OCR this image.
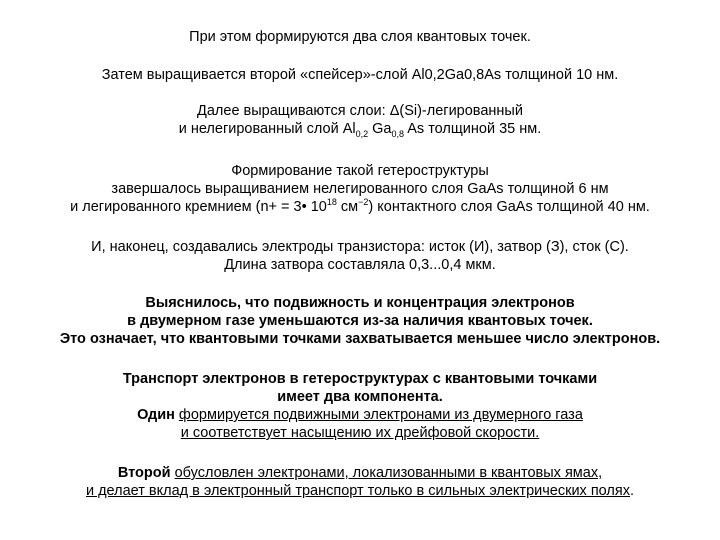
При этом формируются два слоя квантовых точек.
Затем выращивается второй «спейсер»-слой Al0,2Ga0,8As толщиной 10 нм.
Далее выращиваются слои: Δ(Si)-легированный
и нелегированный слой $Al_{0,2}$ $Ga_{0,8}$ As толщиной 35 нм.
Формирование такой гетероструктуры
завершалось выращиванием нелегированного слоя GaAs толщиной 6 нм
и легированного кремнием (n+ = 3• $10^{18}$ $см^{-2}$) контактного слоя GaAs толщиной 40 нм.
И, наконец, создавались электроды транзистора: исток (И), затвор (З), сток (С).
Длина затвора составляла 0,3...0,4 мкм.
Выяснилось, что подвижность и концентрация электронов
в двумерном газе уменьшаются из-за наличия квантовых точек.
Это означает, что квантовыми точками захватывается меньшее число электронов.
Транспорт электронов в гетероструктурах с квантовыми точками
имеет два компонента.
Один формируется подвижными электронами из двумерного газа
и соответствует насыщению их дрейфовой скорости.
Второй обусловлен электронами, локализованными в квантовых ямах,
и делает вклад в электронный транспорт только в сильных электрических полях.
